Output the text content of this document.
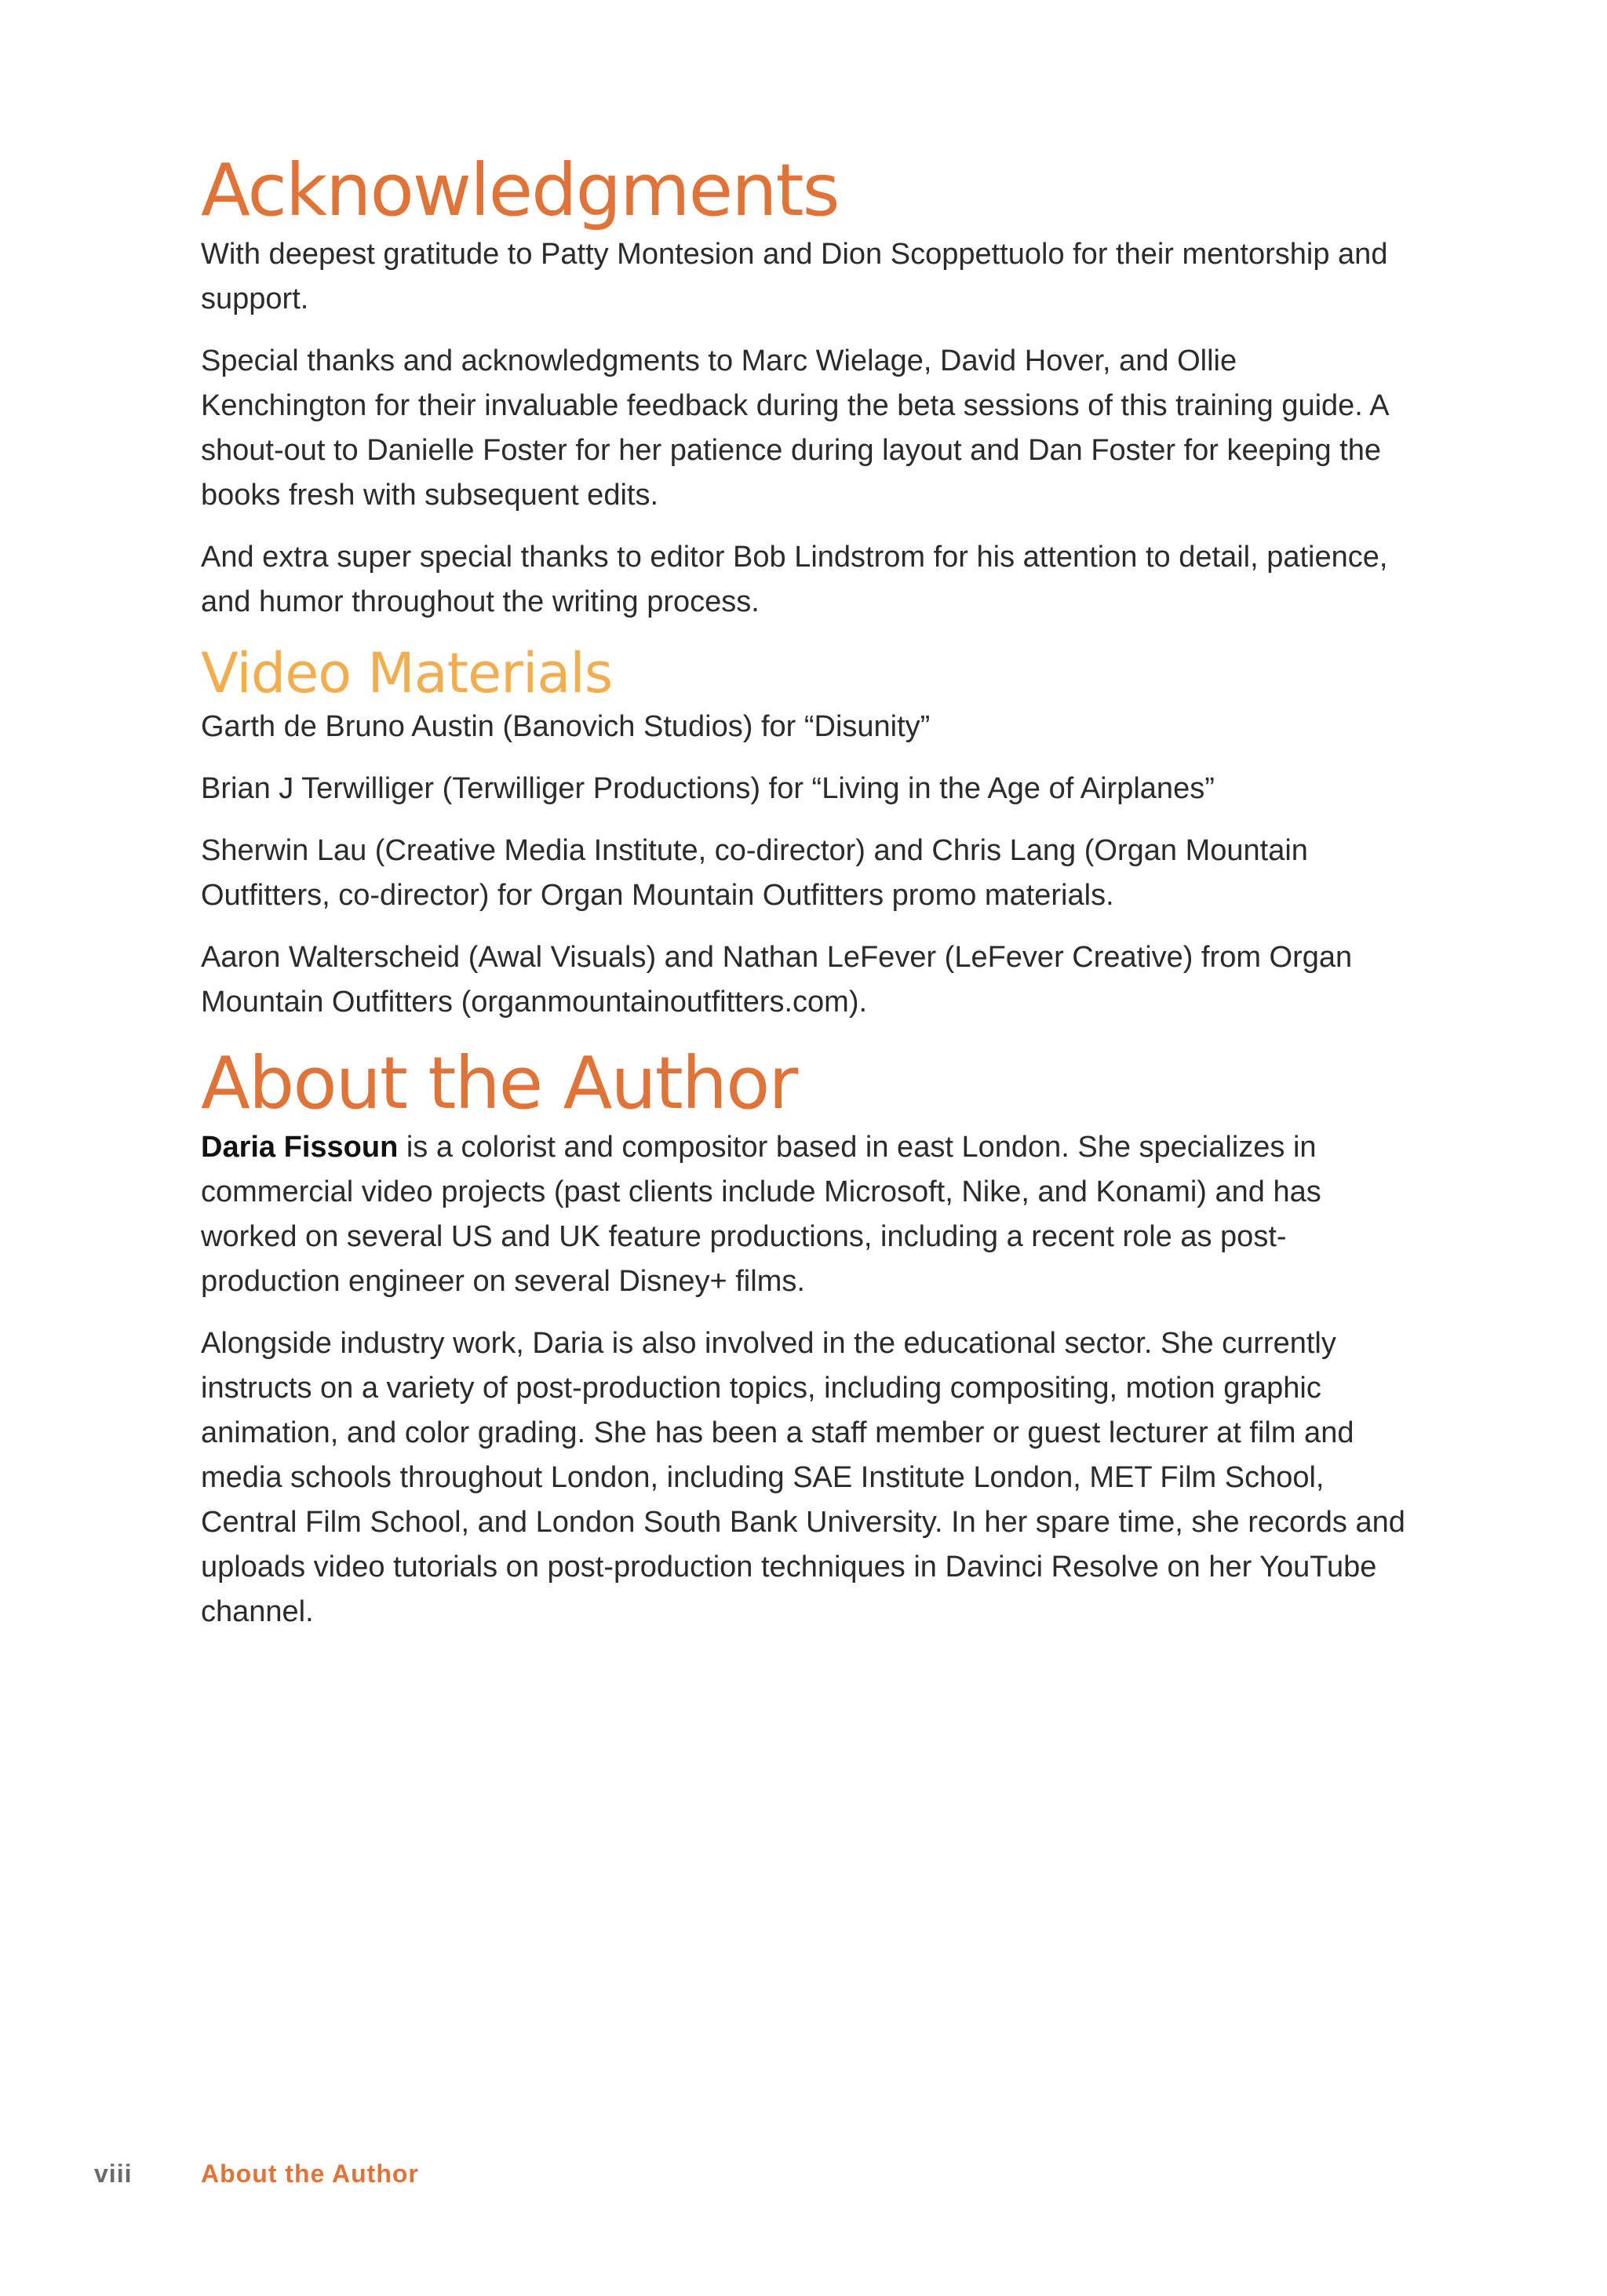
Acknowledgments

With deepest gratitude to Patty Montesion and Dion Scoppettuolo for their mentorship and support.

Special thanks and acknowledgments to Marc Wielage, David Hover, and Ollie Kenchington for their invaluable feedback during the beta sessions of this training guide. A shout-out to Danielle Foster for her patience during layout and Dan Foster for keeping the books fresh with subsequent edits.

And extra super special thanks to editor Bob Lindstrom for his attention to detail, patience, and humor throughout the writing process.

Video Materials

Garth de Bruno Austin (Banovich Studios) for “Disunity”

Brian J Terwilliger (Terwilliger Productions) for “Living in the Age of Airplanes”

Sherwin Lau (Creative Media Institute, co-director) and Chris Lang (Organ Mountain Outfitters, co-director) for Organ Mountain Outfitters promo materials.

Aaron Walterscheid (Awal Visuals) and Nathan LeFever (LeFever Creative) from Organ Mountain Outfitters (organmountainoutfitters.com).

About the Author

Daria Fissoun is a colorist and compositor based in east London. She specializes in commercial video projects (past clients include Microsoft, Nike, and Konami) and has worked on several US and UK feature productions, including a recent role as post-production engineer on several Disney+ films.

Alongside industry work, Daria is also involved in the educational sector. She currently instructs on a variety of post-production topics, including compositing, motion graphic animation, and color grading. She has been a staff member or guest lecturer at film and media schools throughout London, including SAE Institute London, MET Film School, Central Film School, and London South Bank University. In her spare time, she records and uploads video tutorials on post-production techniques in Davinci Resolve on her YouTube channel.

viii	About the Author
